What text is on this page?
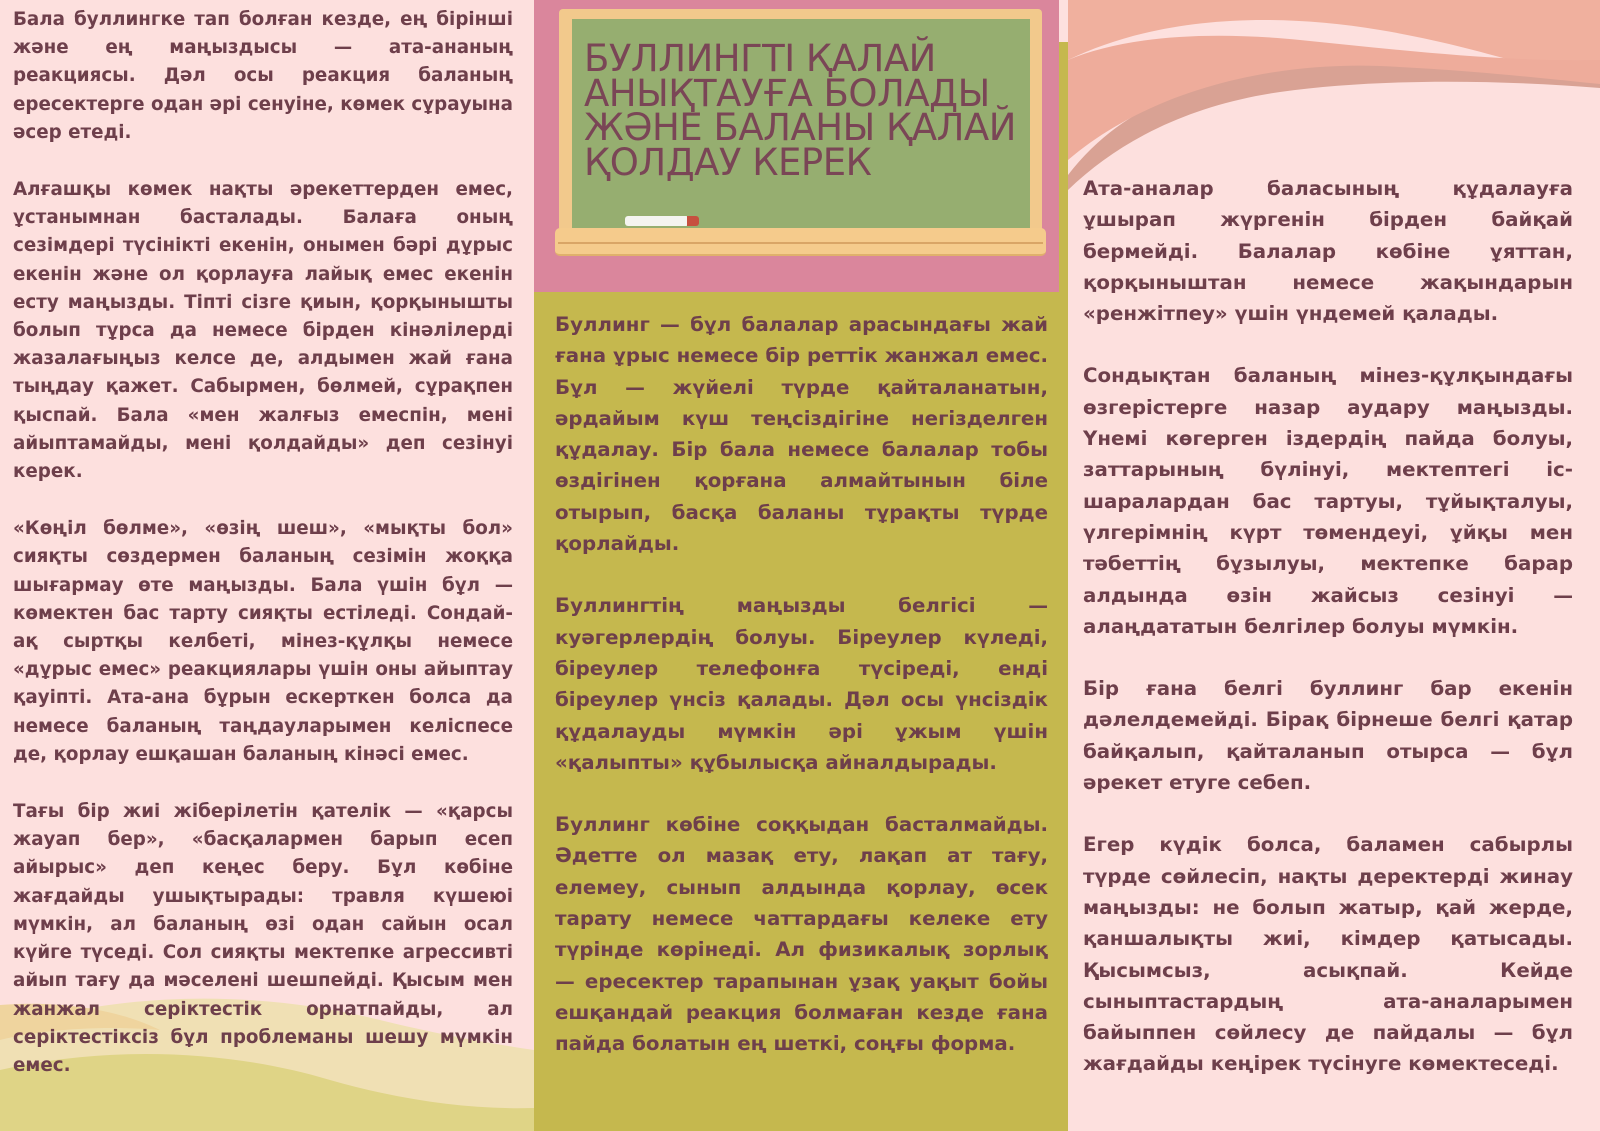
БУЛЛИНГТІ ҚАЛАЙ АНЫҚТАУҒА БОЛАДЫ ЖӘНЕ БАЛАНЫ ҚАЛАЙ ҚОЛДАУ КЕРЕК

Бала буллингке тап болған кезде, ең бірінші және ең маңыздысы — ата-ананың реакциясы. Дәл осы реакция баланың ересектерге одан әрі сенуіне, көмек сұрауына әсер етеді.

Алғашқы көмек нақты әрекеттерден емес, ұстанымнан басталады. Балаға оның сезімдері түсінікті екенін, онымен бәрі дұрыс екенін және ол қорлауға лайық емес екенін есту маңызды. Тіпті сізге қиын, қорқынышты болып тұрса да немесе бірден кінәлілерді жазалағыңыз келсе де, алдымен жай ғана тыңдау қажет. Сабырмен, бөлмей, сұрақпен қыспай. Бала «мен жалғыз емеспін, мені айыптамайды, мені қолдайды» деп сезінуі керек.

«Көңіл бөлме», «өзің шеш», «мықты бол» сияқты сөздермен баланың сезімін жоққа шығармау өте маңызды. Бала үшін бұл — көмектен бас тарту сияқты естіледі. Сондай-ақ сыртқы келбеті, мінез-құлқы немесе «дұрыс емес» реакциялары үшін оны айыптау қауіпті. Ата-ана бұрын ескерткен болса да немесе баланың таңдауларымен келіспесе де, қорлау ешқашан баланың кінәсі емес.

Тағы бір жиі жіберілетін қателік — «қарсы жауап бер», «басқалармен барып есеп айырыс» деп кеңес беру. Бұл көбіне жағдайды ушықтырады: травля күшеюі мүмкін, ал баланың өзі одан сайын осал күйге түседі. Сол сияқты мектепке агрессивті айып тағу да мәселені шешпейді. Қысым мен жанжал серіктестік орнатпайды, ал серіктестіксіз бұл проблеманы шешу мүмкін емес.

Буллинг — бұл балалар арасындағы жай ғана ұрыс немесе бір реттік жанжал емес. Бұл — жүйелі түрде қайталанатын, әрдайым күш теңсіздігіне негізделген құдалау. Бір бала немесе балалар тобы өздігінен қорғана алмайтынын біле отырып, басқа баланы тұрақты түрде қорлайды.

Буллингтің маңызды белгісі — куәгерлердің болуы. Біреулер күледі, біреулер телефонға түсіреді, енді біреулер үнсіз қалады. Дәл осы үнсіздік құдалауды мүмкін әрі ұжым үшін «қалыпты» құбылысқа айналдырады.

Буллинг көбіне соққыдан басталмайды. Әдетте ол мазақ ету, лақап ат тағу, елемеу, сынып алдында қорлау, өсек тарату немесе чаттардағы келеке ету түрінде көрінеді. Ал физикалық зорлық — ересектер тарапынан ұзақ уақыт бойы ешқандай реакция болмаған кезде ғана пайда болатын ең шеткі, соңғы форма.

Ата-аналар баласының құдалауға ұшырап жүргенін бірден байқай бермейді. Балалар көбіне ұяттан, қорқыныштан немесе жақындарын «ренжітпеу» үшін үндемей қалады.

Сондықтан баланың мінез-құлқындағы өзгерістерге назар аудару маңызды. Үнемі көгерген іздердің пайда болуы, заттарының бүлінуі, мектептегі іс-шаралардан бас тартуы, тұйықталуы, үлгерімнің күрт төмендеуі, ұйқы мен тәбеттің бұзылуы, мектепке барар алдында өзін жайсыз сезінуі — алаңдататын белгілер болуы мүмкін.

Бір ғана белгі буллинг бар екенін дәлелдемейді. Бірақ бірнеше белгі қатар байқалып, қайталанып отырса — бұл әрекет етуге себеп.

Егер күдік болса, баламен сабырлы түрде сөйлесіп, нақты деректерді жинау маңызды: не болып жатыр, қай жерде, қаншалықты жиі, кімдер қатысады. Қысымсыз, асықпай. Кейде сыныптастардың ата-аналарымен байыппен сөйлесу де пайдалы — бұл жағдайды кеңірек түсінуге көмектеседі.
